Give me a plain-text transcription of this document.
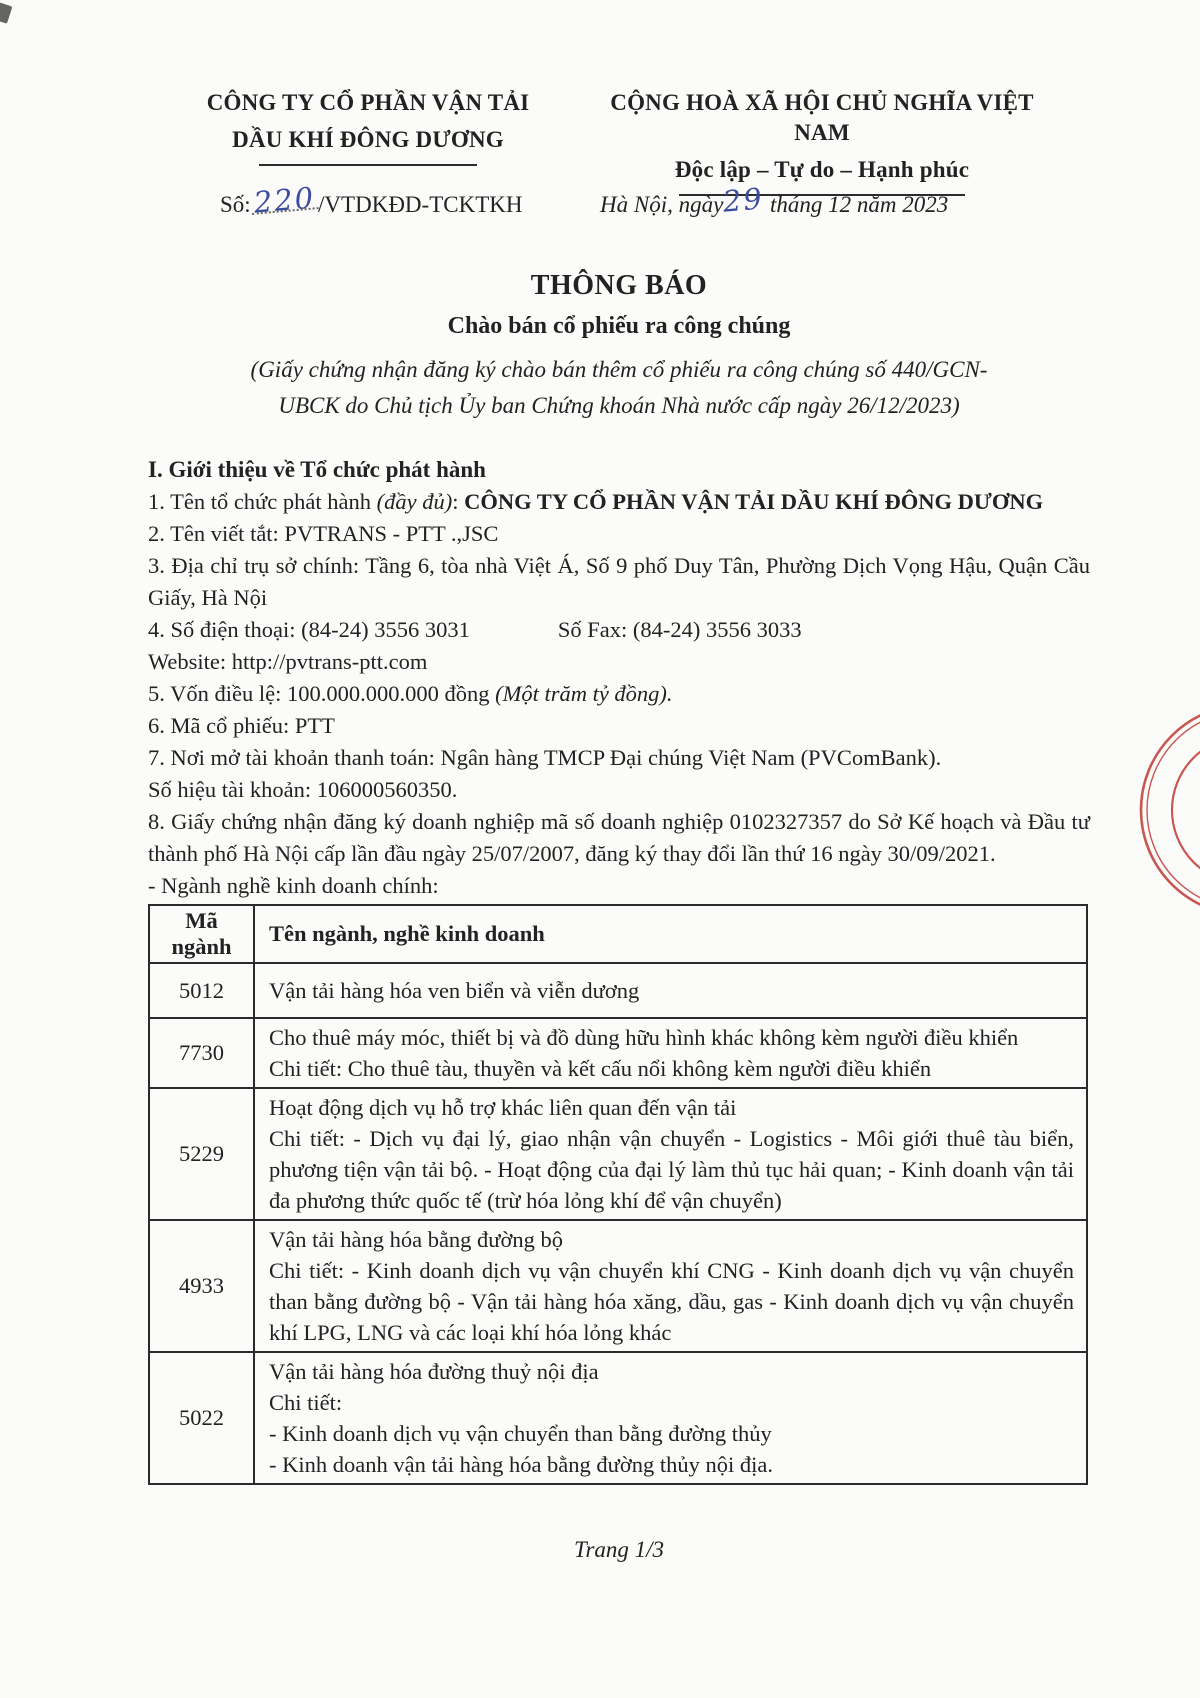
CÔNG TY CỔ PHẦN VẬN TẢI
DẦU KHÍ ĐÔNG DƯƠNG
CỘNG HOÀ XÃ HỘI CHỦ NGHĨA VIỆT NAM
Độc lập – Tự do – Hạnh phúc
Số:220/VTDKĐD-TCKTKH	Hà Nội, ngày29 tháng 12 năm 2023
THÔNG BÁO
Chào bán cổ phiếu ra công chúng
(Giấy chứng nhận đăng ký chào bán thêm cổ phiếu ra công chúng số 440/GCN-
UBCK do Chủ tịch Ủy ban Chứng khoán Nhà nước cấp ngày 26/12/2023)
I. Giới thiệu về Tổ chức phát hành
1. Tên tổ chức phát hành (đầy đủ): CÔNG TY CỔ PHẦN VẬN TẢI DẦU KHÍ ĐÔNG DƯƠNG
2. Tên viết tắt: PVTRANS - PTT .,JSC
3. Địa chỉ trụ sở chính: Tầng 6, tòa nhà Việt Á, Số 9 phố Duy Tân, Phường Dịch Vọng Hậu, Quận Cầu Giấy, Hà Nội
4. Số điện thoại: (84-24) 3556 3031	Số Fax: (84-24) 3556 3033
Website: http://pvtrans-ptt.com
5. Vốn điều lệ: 100.000.000.000 đồng (Một trăm tỷ đồng).
6. Mã cổ phiếu: PTT
7. Nơi mở tài khoản thanh toán: Ngân hàng TMCP Đại chúng Việt Nam (PVComBank).
Số hiệu tài khoản: 106000560350.
8. Giấy chứng nhận đăng ký doanh nghiệp mã số doanh nghiệp 0102327357 do Sở Kế hoạch và Đầu tư thành phố Hà Nội cấp lần đầu ngày 25/07/2007, đăng ký thay đổi lần thứ 16 ngày 30/09/2021.
- Ngành nghề kinh doanh chính:
Mã ngành	Tên ngành, nghề kinh doanh
5012	Vận tải hàng hóa ven biển và viễn dương

7730	Cho thuê máy móc, thiết bị và đồ dùng hữu hình khác không kèm người điều khiển

Chi tiết: Cho thuê tàu, thuyền và kết cấu nổi không kèm người điều khiển

5229	Hoạt động dịch vụ hỗ trợ khác liên quan đến vận tải

Chi tiết: - Dịch vụ đại lý, giao nhận vận chuyển - Logistics - Môi giới thuê tàu biển, phương tiện vận tải bộ. - Hoạt động của đại lý làm thủ tục hải quan; - Kinh doanh vận tải đa phương thức quốc tế (trừ hóa lỏng khí để vận chuyển)

4933	Vận tải hàng hóa bằng đường bộ

Chi tiết: - Kinh doanh dịch vụ vận chuyển khí CNG - Kinh doanh dịch vụ vận chuyển than bằng đường bộ - Vận tải hàng hóa xăng, dầu, gas - Kinh doanh dịch vụ vận chuyển khí LPG, LNG và các loại khí hóa lỏng khác

5022	Vận tải hàng hóa đường thuỷ nội địa

Chi tiết:

- Kinh doanh dịch vụ vận chuyển than bằng đường thủy

- Kinh doanh vận tải hàng hóa bằng đường thủy nội địa.

Trang 1/3
